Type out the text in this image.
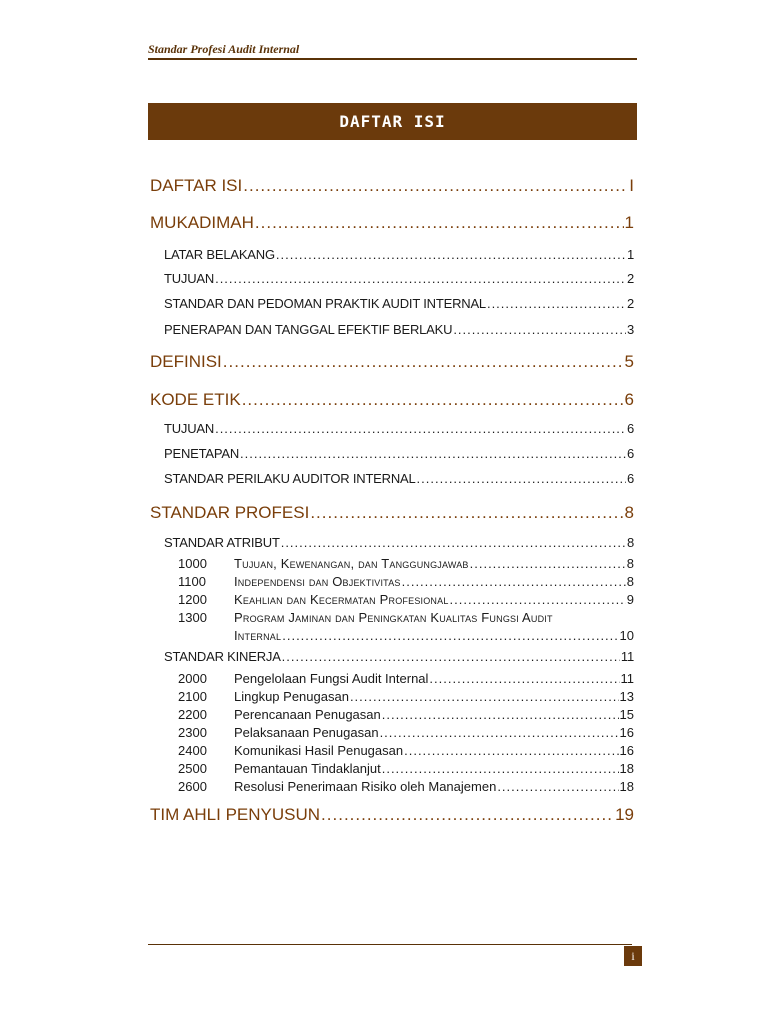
Standar Profesi Audit Internal
DAFTAR ISI
DAFTAR ISI .....	I
MUKADIMAH .....	1
LATAR BELAKANG .....	1
TUJUAN .....	2
STANDAR DAN PEDOMAN PRAKTIK AUDIT INTERNAL .....	2
PENERAPAN DAN TANGGAL EFEKTIF BERLAKU .....	3
DEFINISI .....	5
KODE ETIK .....	6
TUJUAN .....	6
PENETAPAN .....	6
STANDAR PERILAKU AUDITOR INTERNAL .....	6
STANDAR PROFESI .....	8
STANDAR ATRIBUT .....	8
1000	Tujuan, Kewenangan, dan Tanggungjawab .....	8
1100	Independensi dan Objektivitas .....	8
1200	Keahlian dan Kecermatan Profesional .....	9
1300	Program Jaminan dan Peningkatan Kualitas Fungsi Audit
Internal .....	10
STANDAR KINERJA .....	11
2000	Pengelolaan Fungsi Audit Internal .....	11
2100	Lingkup Penugasan .....	13
2200	Perencanaan Penugasan .....	15
2300	Pelaksanaan Penugasan .....	16
2400	Komunikasi Hasil Penugasan .....	16
2500	Pemantauan Tindaklanjut .....	18
2600	Resolusi Penerimaan Risiko oleh Manajemen .....	18
TIM AHLI PENYUSUN .....	19
i
